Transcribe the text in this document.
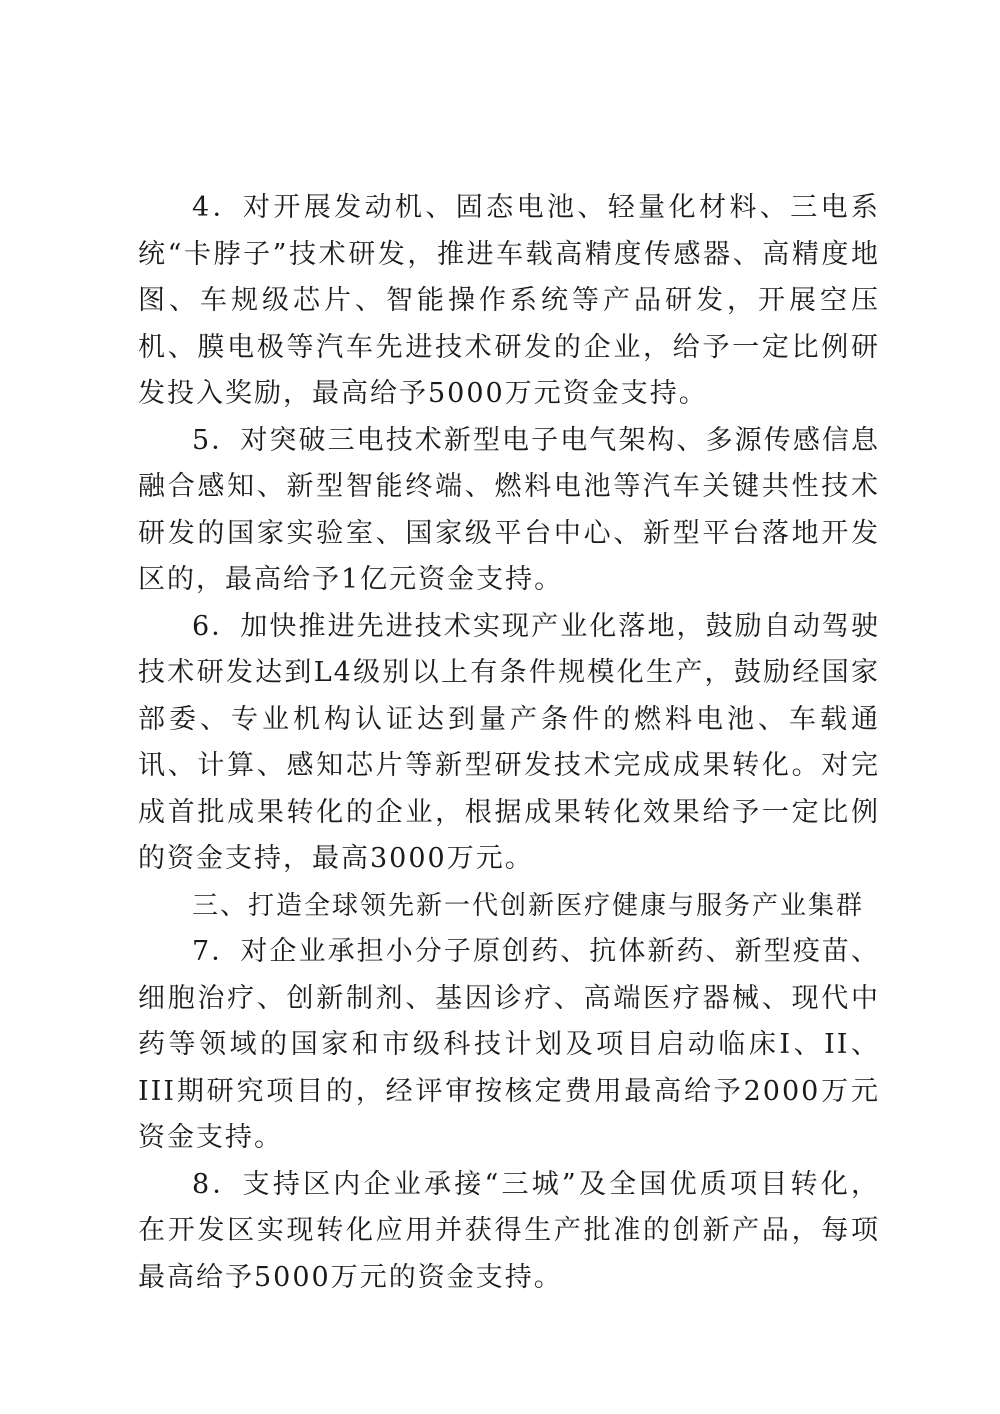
4．对开展发动机、固态电池、轻量化材料、三电系统“卡脖子”技术研发，推进车载高精度传感器、高精度地图、车规级芯片、智能操作系统等产品研发，开展空压机、膜电极等汽车先进技术研发的企业，给予一定比例研发投入奖励，最高给予5000万元资金支持。

5．对突破三电技术新型电子电气架构、多源传感信息融合感知、新型智能终端、燃料电池等汽车关键共性技术研发的国家实验室、国家级平台中心、新型平台落地开发区的，最高给予1亿元资金支持。

6．加快推进先进技术实现产业化落地，鼓励自动驾驶技术研发达到L4级别以上有条件规模化生产，鼓励经国家部委、专业机构认证达到量产条件的燃料电池、车载通讯、计算、感知芯片等新型研发技术完成成果转化。对完成首批成果转化的企业，根据成果转化效果给予一定比例的资金支持，最高3000万元。

三、打造全球领先新一代创新医疗健康与服务产业集群

7．对企业承担小分子原创药、抗体新药、新型疫苗、细胞治疗、创新制剂、基因诊疗、高端医疗器械、现代中药等领域的国家和市级科技计划及项目启动临床I、II、III期研究项目的，经评审按核定费用最高给予2000万元资金支持。

8．支持区内企业承接“三城”及全国优质项目转化，在开发区实现转化应用并获得生产批准的创新产品，每项最高给予5000万元的资金支持。
